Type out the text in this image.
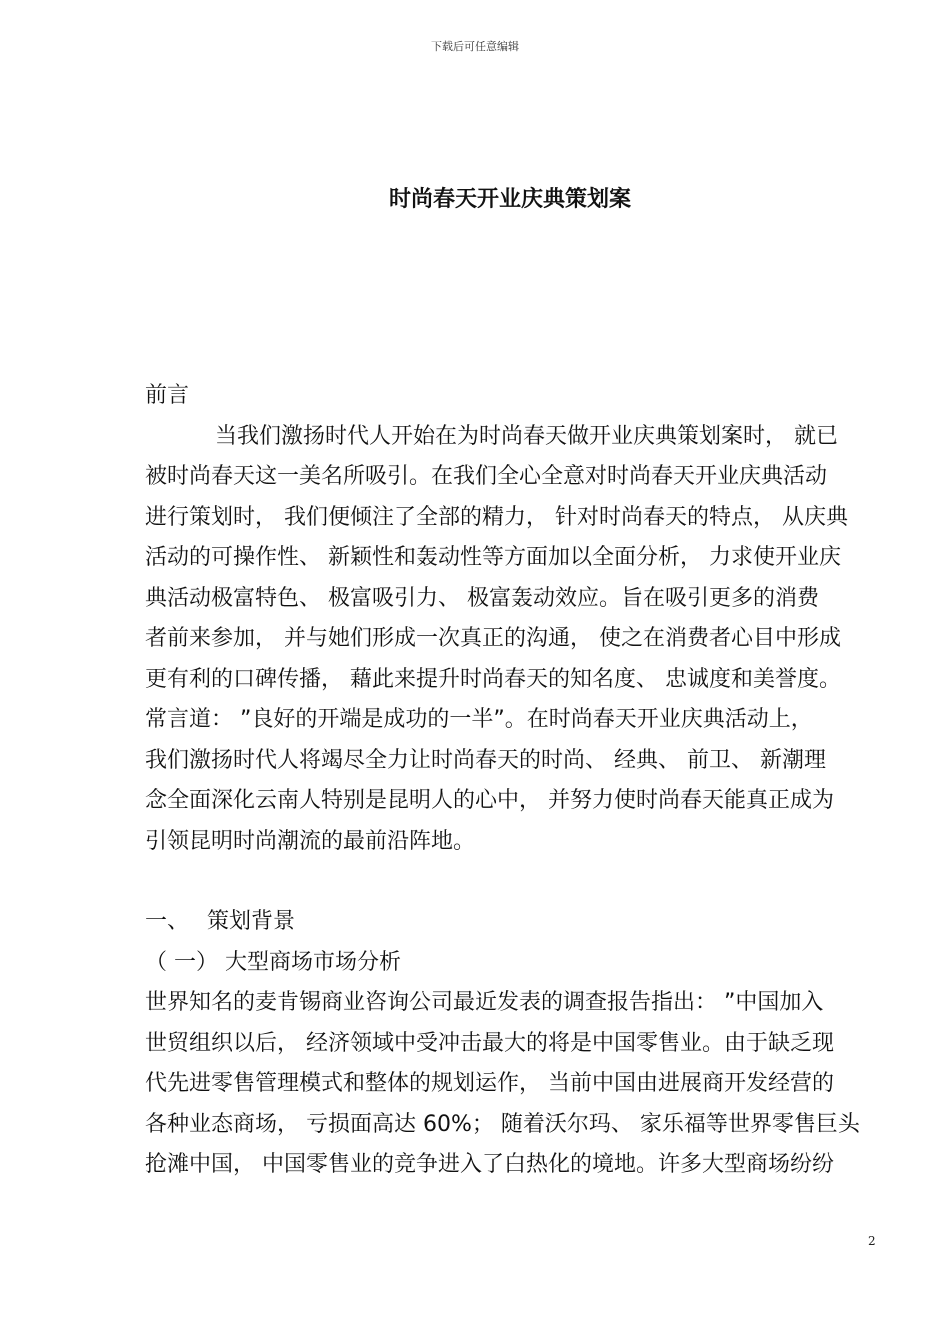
下载后可任意编辑
时尚春天开业庆典策划案

前言

当我们激扬时代人开始在为时尚春天做开业庆典策划案时， 就已

被时尚春天这一美名所吸引。在我们全心全意对时尚春天开业庆典活动

进行策划时， 我们便倾注了全部的精力， 针对时尚春天的特点， 从庆典

活动的可操作性、 新颖性和轰动性等方面加以全面分析， 力求使开业庆

典活动极富特色、 极富吸引力、 极富轰动效应。旨在吸引更多的消费

者前来参加， 并与她们形成一次真正的沟通， 使之在消费者心目中形成

更有利的口碑传播， 藉此来提升时尚春天的知名度、 忠诚度和美誉度。

常言道： ”良好的开端是成功的一半”。在时尚春天开业庆典活动上，

我们激扬时代人将竭尽全力让时尚春天的时尚、 经典、 前卫、 新潮理

念全面深化云南人特别是昆明人的心中， 并努力使时尚春天能真正成为

引领昆明时尚潮流的最前沿阵地。

一、　 策划背景

（ 一） 大型商场市场分析

世界知名的麦肯锡商业咨询公司最近发表的调查报告指出： ”中国加入

世贸组织以后， 经济领域中受冲击最大的将是中国零售业。由于缺乏现

代先进零售管理模式和整体的规划运作， 当前中国由进展商开发经营的

各种业态商场， 亏损面高达 60%； 随着沃尔玛、 家乐福等世界零售巨头

抢滩中国， 中国零售业的竞争进入了白热化的境地。许多大型商场纷纷

2
